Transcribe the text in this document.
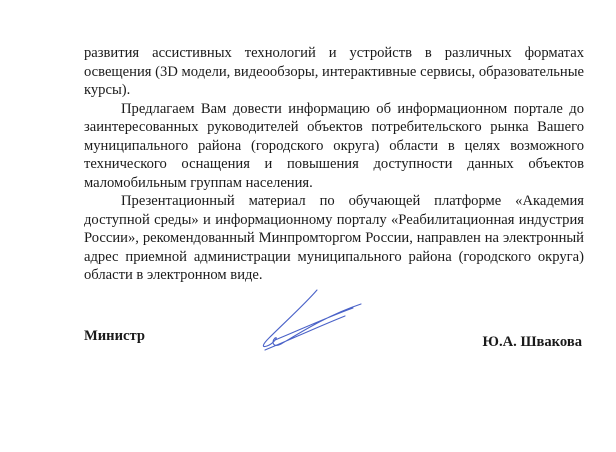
развития ассистивных технологий и устройств в различных форматах освещения (3D модели, видеообзоры, интерактивные сервисы, образовательные курсы).

Предлагаем Вам довести информацию об информационном портале до заинтересованных руководителей объектов потребительского рынка Вашего муниципального района (городского округа) области в целях возможного технического оснащения и повышения доступности данных объектов маломобильным группам населения.

Презентационный материал по обучающей платформе «Академия доступной среды» и информационному порталу «Реабилитационная индустрия России», рекомендованный Минпромторгом России, направлен на электронный адрес приемной администрации муниципального района (городского округа) области в электронном виде.

Министр	Ю.А. Швакова
